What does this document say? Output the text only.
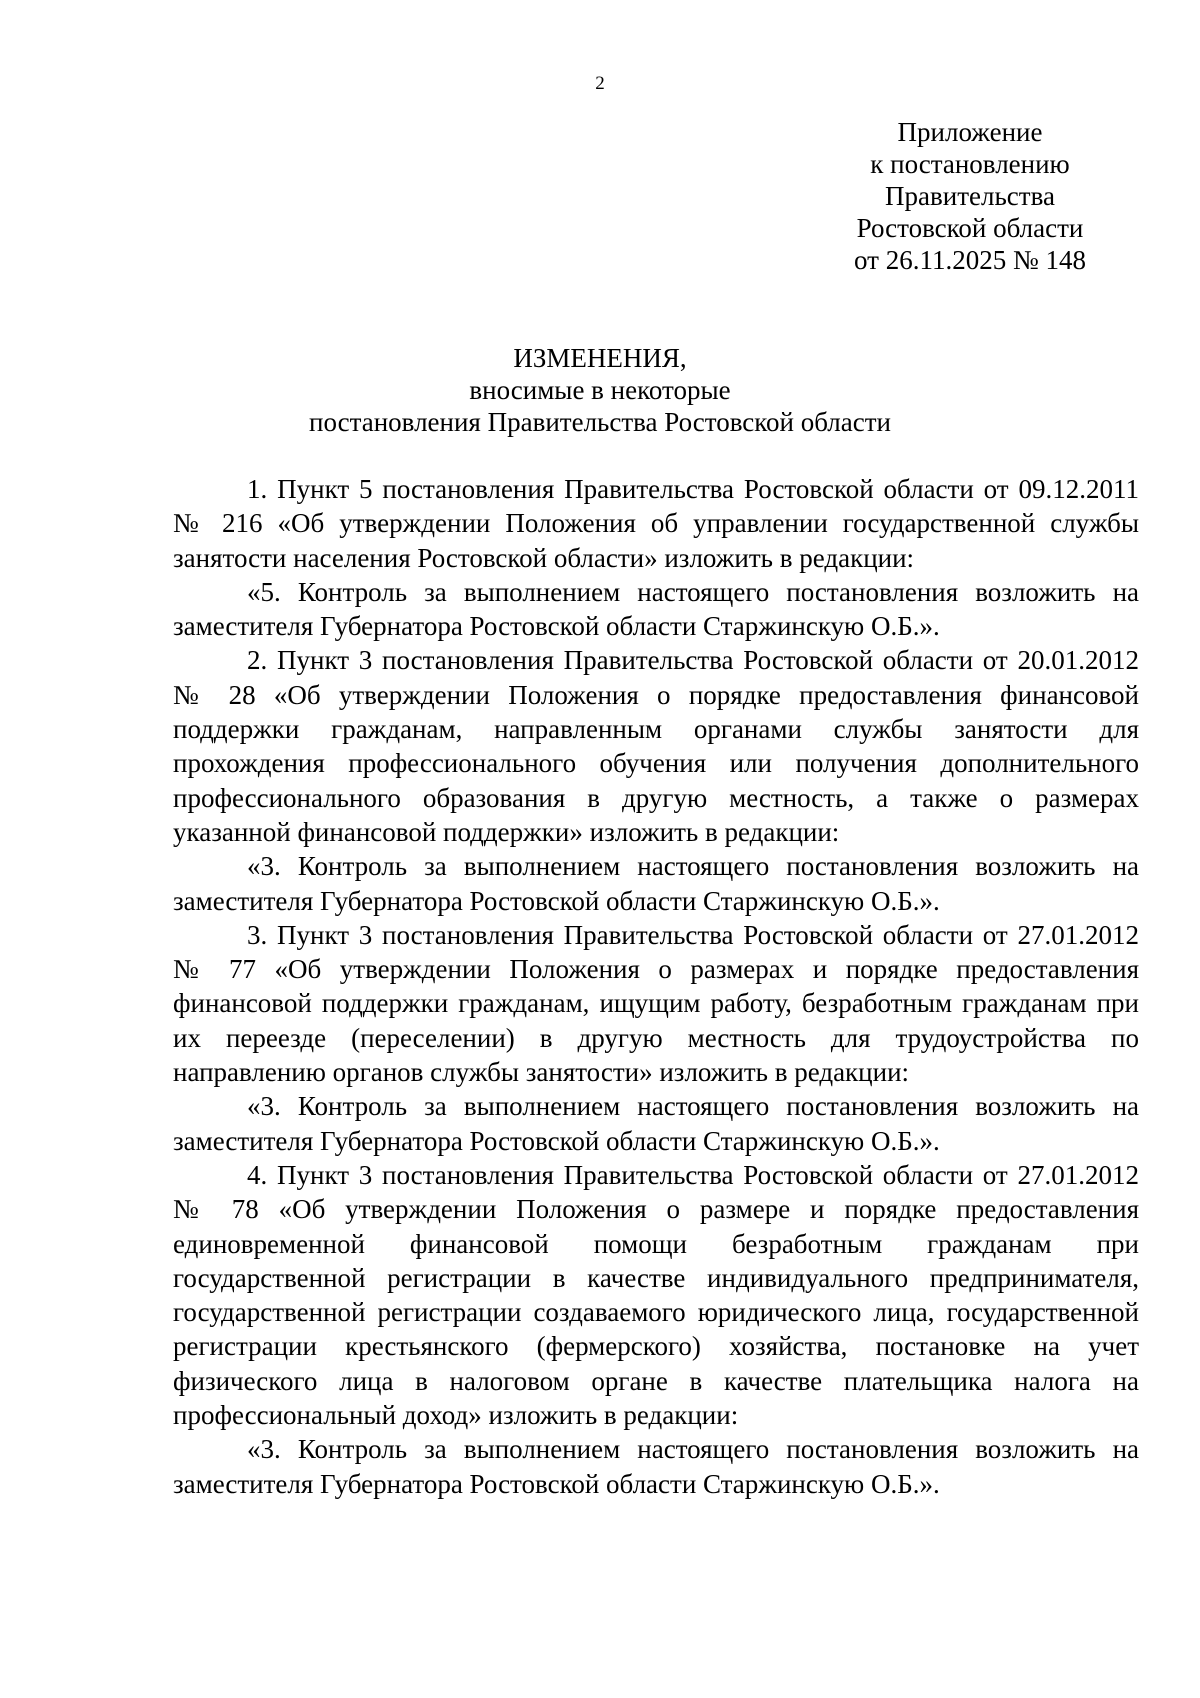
2
Приложение
к постановлению
Правительства
Ростовской области
от 26.11.2025 № 148
ИЗМЕНЕНИЯ,
вносимые в некоторые
постановления Правительства Ростовской области

1. Пункт 5 постановления Правительства Ростовской области от 09.12.2011 № 216 «Об утверждении Положения об управлении государственной службы занятости населения Ростовской области» изложить в редакции:

«5. Контроль за выполнением настоящего постановления возложить на заместителя Губернатора Ростовской области Старжинскую О.Б.».

2. Пункт 3 постановления Правительства Ростовской области от 20.01.2012 № 28 «Об утверждении Положения о порядке предоставления финансовой поддержки гражданам, направленным органами службы занятости для прохождения профессионального обучения или получения дополнительного профессионального образования в другую местность, а также о размерах указанной финансовой поддержки» изложить в редакции:

«3. Контроль за выполнением настоящего постановления возложить на заместителя Губернатора Ростовской области Старжинскую О.Б.».

3. Пункт 3 постановления Правительства Ростовской области от 27.01.2012 № 77 «Об утверждении Положения о размерах и порядке предоставления финансовой поддержки гражданам, ищущим работу, безработным гражданам при их переезде (переселении) в другую местность для трудоустройства по направлению органов службы занятости» изложить в редакции:

«3. Контроль за выполнением настоящего постановления возложить на заместителя Губернатора Ростовской области Старжинскую О.Б.».

4. Пункт 3 постановления Правительства Ростовской области от 27.01.2012 № 78 «Об утверждении Положения о размере и порядке предоставления единовременной финансовой помощи безработным гражданам при государственной регистрации в качестве индивидуального предпринимателя, государственной регистрации создаваемого юридического лица, государственной регистрации крестьянского (фермерского) хозяйства, постановке на учет физического лица в налоговом органе в качестве плательщика налога на профессиональный доход» изложить в редакции:

«3. Контроль за выполнением настоящего постановления возложить на заместителя Губернатора Ростовской области Старжинскую О.Б.».
